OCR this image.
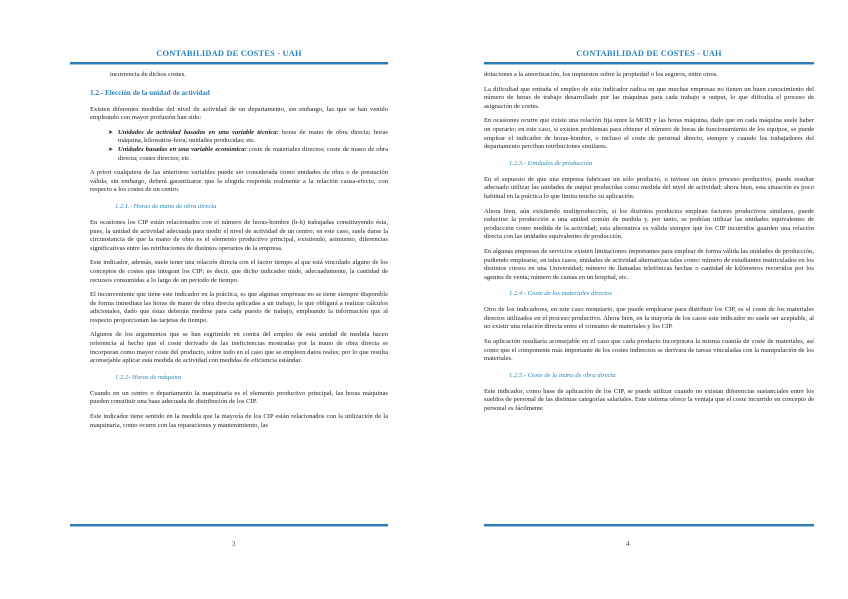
CONTABILIDAD DE COSTES - UAH

incurrencia de dichos costes.

1.2.- Elección de la unidad de actividad

Existen diferentes medidas del nivel de actividad de un departamento, sin embargo, las que se han venido empleando con mayor profusión han sido:

➤ Unidades de actividad basadas en una variable técnica: horas de mano de obra directa; horas máquina, kilowatios-hora; unidades producidas; etc.
➤ Unidades basadas en una variable económica: coste de materiales directos; coste de mano de obra directa; costes directos; etc.

A priori cualquiera de las anteriores variables puede ser considerada como unidades de obra o de prestación válida, sin embargo, deberá garantizarse que la elegida responda realmente a la relación causa-efecto, con respecto a los costes de un centro.

1.2.1.- Horas de mano de obra directa

En ocasiones los CIP están relacionados con el número de horas-hombre (h-h) trabajadas constituyendo ésta, pues, la unidad de actividad adecuada para medir el nivel de actividad de un centro; en este caso, suele darse la circunstancia de que la mano de obra es el elemento productivo principal, existiendo, asimismo, diferencias significativas entre las retribuciones de distintos operarios de la empresa.

Este indicador, además, suele tener una relación directa con el factor tiempo al que está vinculado alguno de los conceptos de costes que integran los CIP; es decir, que dicho indicador mide, adecuadamente, la cantidad de recursos consumidas a lo largo de un periodo de tiempo.

El inconveniente que tiene este indicador en la práctica, es que algunas empresas no se tiene siempre disponible de forma inmediata las horas de mano de obra directa aplicadas a un trabajo, lo que obligará a realizar cálculos adicionales, dado que éstas deberán medirse para cada puesto de trabajo, empleando la información que al respecto proporcionan las tarjetas de tiempo.

Algunos de los argumentos que se han esgrimido en contra del empleo de esta unidad de medida hacen referencia al hecho que el coste derivado de las ineficiencias mostradas por la mano de obra directa se incorporan como mayor coste del producto, sobre todo en el caso que se empleen datos reales; por lo que resulta aconsejable aplicar esta medida de actividad con medidas de eficiencia estándar.

1.2.2- Horas de máquina

Cuando en un centro o departamento la maquinaria es el elemento productivo principal, las horas máquinas pueden constituir una base adecuada de distribución de los CIP.

Este indicador tiene sentido en la medida que la mayoría de los CIP están relacionados con la utilización de la maquinaria, como ocurre con las reparaciones y mantenimiento, las

3
CONTABILIDAD DE COSTES - UAH

dotaciones a la amortización, los impuestos sobre la propiedad o los seguros, entre otros.

La dificultad que entraña el empleo de este indicador radica en que muchas empresas no tienen un buen conocimiento del número de horas de trabajo desarrollado por las máquinas para cada trabajo u output, lo que dificulta el proceso de asignación de costes.

En ocasiones ocurre que existe una relación fija entre la MOD y las horas máquina, dado que en cada máquina suele haber un operario; en este caso, si existen problemas para obtener el número de horas de funcionamiento de los equipos, se puede emplear el indicador de horas-hombre, o incluso el coste de personal directo, siempre y cuando los trabajadores del departamento perciban retribuciones similares.

1.2.3.- Unidades de producción

En el supuesto de que una empresa fabricase un sólo producto, o tuviese un único proceso productivo, puede resultar adecuado utilizar las unidades de output producidas como medida del nivel de actividad; ahora bien, esta situación es poco habitual en la práctica lo que limita mucho su aplicación.

Ahora bien, aún existiendo multiproducción, si los distintos productos emplean factores productivos similares, puede reducirse la producción a una unidad común de medida y, por tanto, se podrían utilizar las unidades equivalentes de producción como medida de la actividad; esta alternativa es válida siempre que los CIP incurridos guarden una relación directa con las unidades equivalentes de producción.

En algunas empresas de servicios existen limitaciones importantes para emplear de forma válida las unidades de producción, pudiendo emplearse, en tales casos, unidades de actividad alternativas tales como: número de estudiantes matriculados en los distintos cursos en una Universidad; número de llamadas telefónicas hechas o cantidad de kilómetros recorridos por los agentes de venta; número de camas en un hospital, etc.

1.2.4.- Coste de los materiales directos

Otro de los indicadores, en este caso monetario, que puede emplearse para distribuir los CIP, es el coste de los materiales directos utilizados en el proceso productivo. Ahora bien, en la mayoría de los casos este indicador no suele ser aceptable, al no existir una relación directa entre el consumo de materiales y los CIP.

Su aplicación resultaría aconsejable en el caso que cada producto incorporara la misma cuantía de coste de materiales, así como que el componente más importante de los costes indirectos se derivara de tareas vinculadas con la manipulación de los materiales.

1.2.5.- Coste de la mano de obra directa

Este indicador, como base de aplicación de los CIP, se puede utilizar cuando no existan diferencias sustanciales entre los sueldos de personal de las distintas categorías salariales. Este sistema ofrece la ventaja que el coste incurrido en concepto de personal es fácilmente

4
